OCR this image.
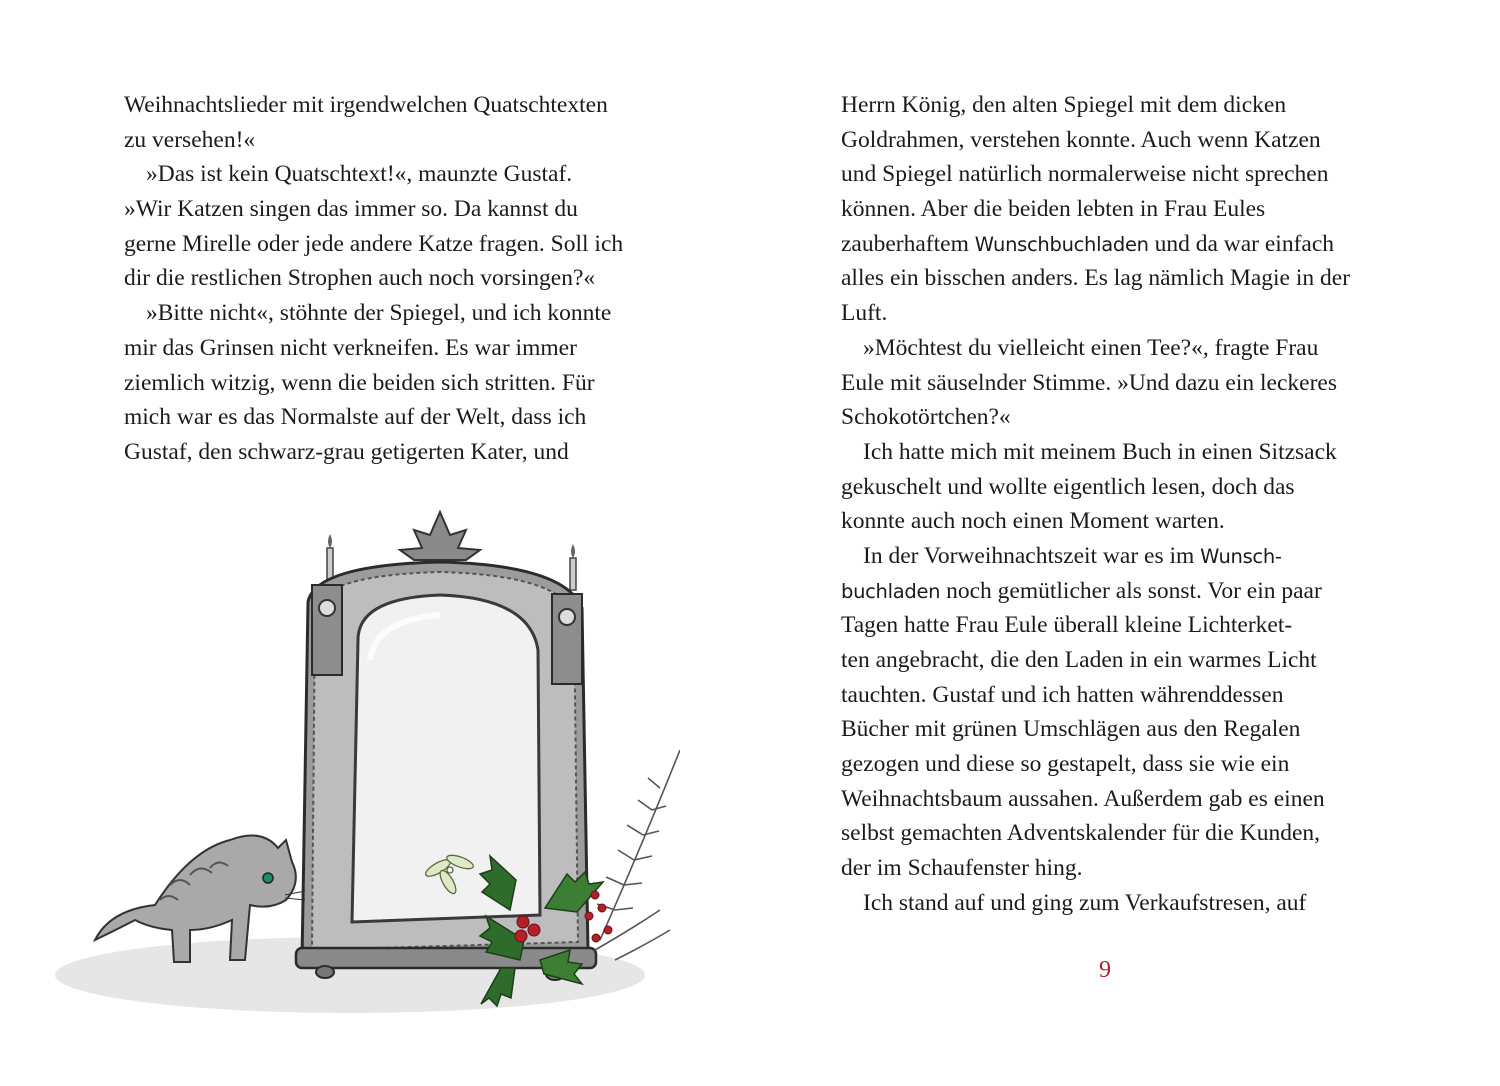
Weihnachtslieder mit irgendwelchen Quatschtexten
zu versehen!«
»Das ist kein Quatschtext!«, maunzte Gustaf.
»Wir Katzen singen das immer so. Da kannst du
gerne Mirelle oder jede andere Katze fragen. Soll ich
dir die restlichen Strophen auch noch vorsingen?«
»Bitte nicht«, stöhnte der Spiegel, und ich konnte
mir das Grinsen nicht verkneifen. Es war immer
ziemlich witzig, wenn die beiden sich stritten. Für
mich war es das Normalste auf der Welt, dass ich
Gustaf, den schwarz-grau getigerten Kater, und
Herrn König, den alten Spiegel mit dem dicken
Goldrahmen, verstehen konnte. Auch wenn Katzen
und Spiegel natürlich normalerweise nicht sprechen
können. Aber die beiden lebten in Frau Eules
zauberhaftem Wunschbuchladen und da war einfach
alles ein bisschen anders. Es lag nämlich Magie in der
Luft.
»Möchtest du vielleicht einen Tee?«, fragte Frau
Eule mit säuselnder Stimme. »Und dazu ein leckeres
Schokotörtchen?«
Ich hatte mich mit meinem Buch in einen Sitzsack
gekuschelt und wollte eigentlich lesen, doch das
konnte auch noch einen Moment warten.
In der Vorweihnachtszeit war es im Wunsch-
buchladen noch gemütlicher als sonst. Vor ein paar
Tagen hatte Frau Eule überall kleine Lichterket-
ten angebracht, die den Laden in ein warmes Licht
tauchten. Gustaf und ich hatten währenddessen
Bücher mit grünen Umschlägen aus den Regalen
gezogen und diese so gestapelt, dass sie wie ein
Weihnachtsbaum aussahen. Außerdem gab es einen
selbst gemachten Adventskalender für die Kunden,
der im Schaufenster hing.
Ich stand auf und ging zum Verkaufstresen, auf
9
